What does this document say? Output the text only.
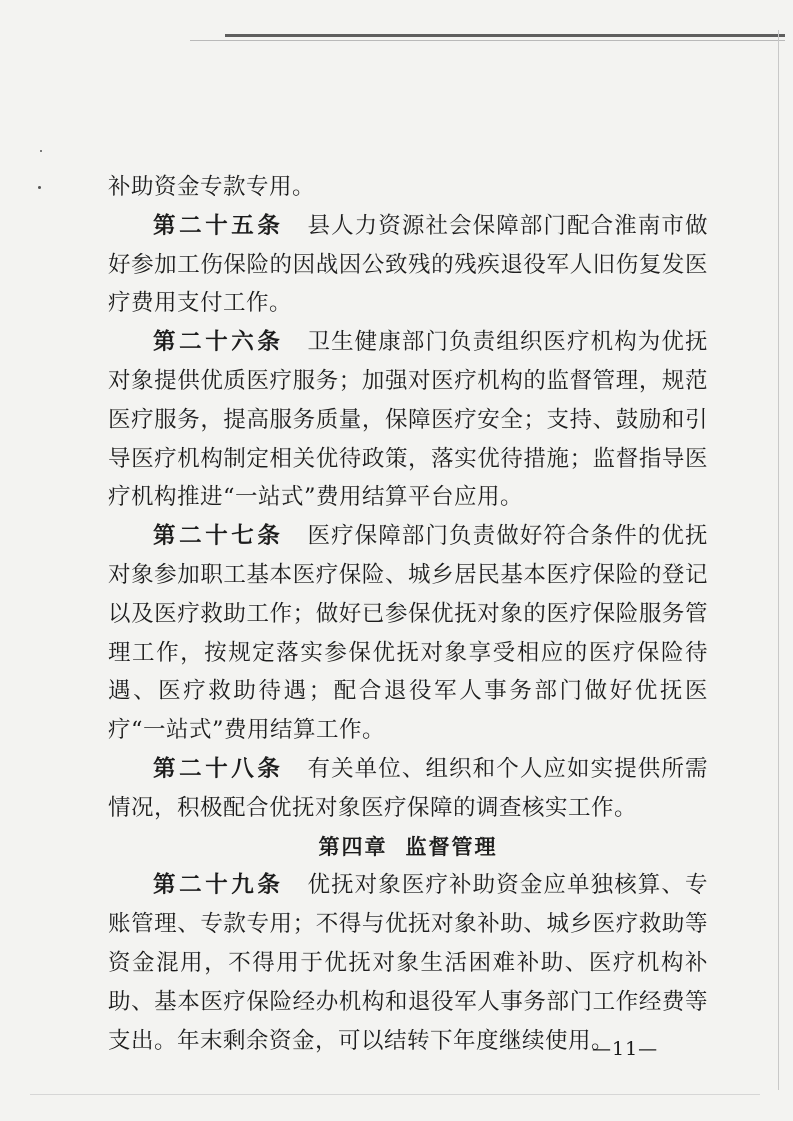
补助资金专款专用。

第二十五条 县人力资源社会保障部门配合淮南市做好参加工伤保险的因战因公致残的残疾退役军人旧伤复发医疗费用支付工作。

第二十六条 卫生健康部门负责组织医疗机构为优抚对象提供优质医疗服务；加强对医疗机构的监督管理，规范医疗服务，提高服务质量，保障医疗安全；支持、鼓励和引导医疗机构制定相关优待政策，落实优待措施；监督指导医疗机构推进“一站式”费用结算平台应用。

第二十七条 医疗保障部门负责做好符合条件的优抚对象参加职工基本医疗保险、城乡居民基本医疗保险的登记以及医疗救助工作；做好已参保优抚对象的医疗保险服务管理工作，按规定落实参保优抚对象享受相应的医疗保险待遇、医疗救助待遇；配合退役军人事务部门做好优抚医疗“一站式”费用结算工作。

第二十八条 有关单位、组织和个人应如实提供所需情况，积极配合优抚对象医疗保障的调查核实工作。

第四章 监督管理

第二十九条 优抚对象医疗补助资金应单独核算、专账管理、专款专用；不得与优抚对象补助、城乡医疗救助等资金混用，不得用于优抚对象生活困难补助、医疗机构补助、基本医疗保险经办机构和退役军人事务部门工作经费等支出。年末剩余资金，可以结转下年度继续使用。

—11—
